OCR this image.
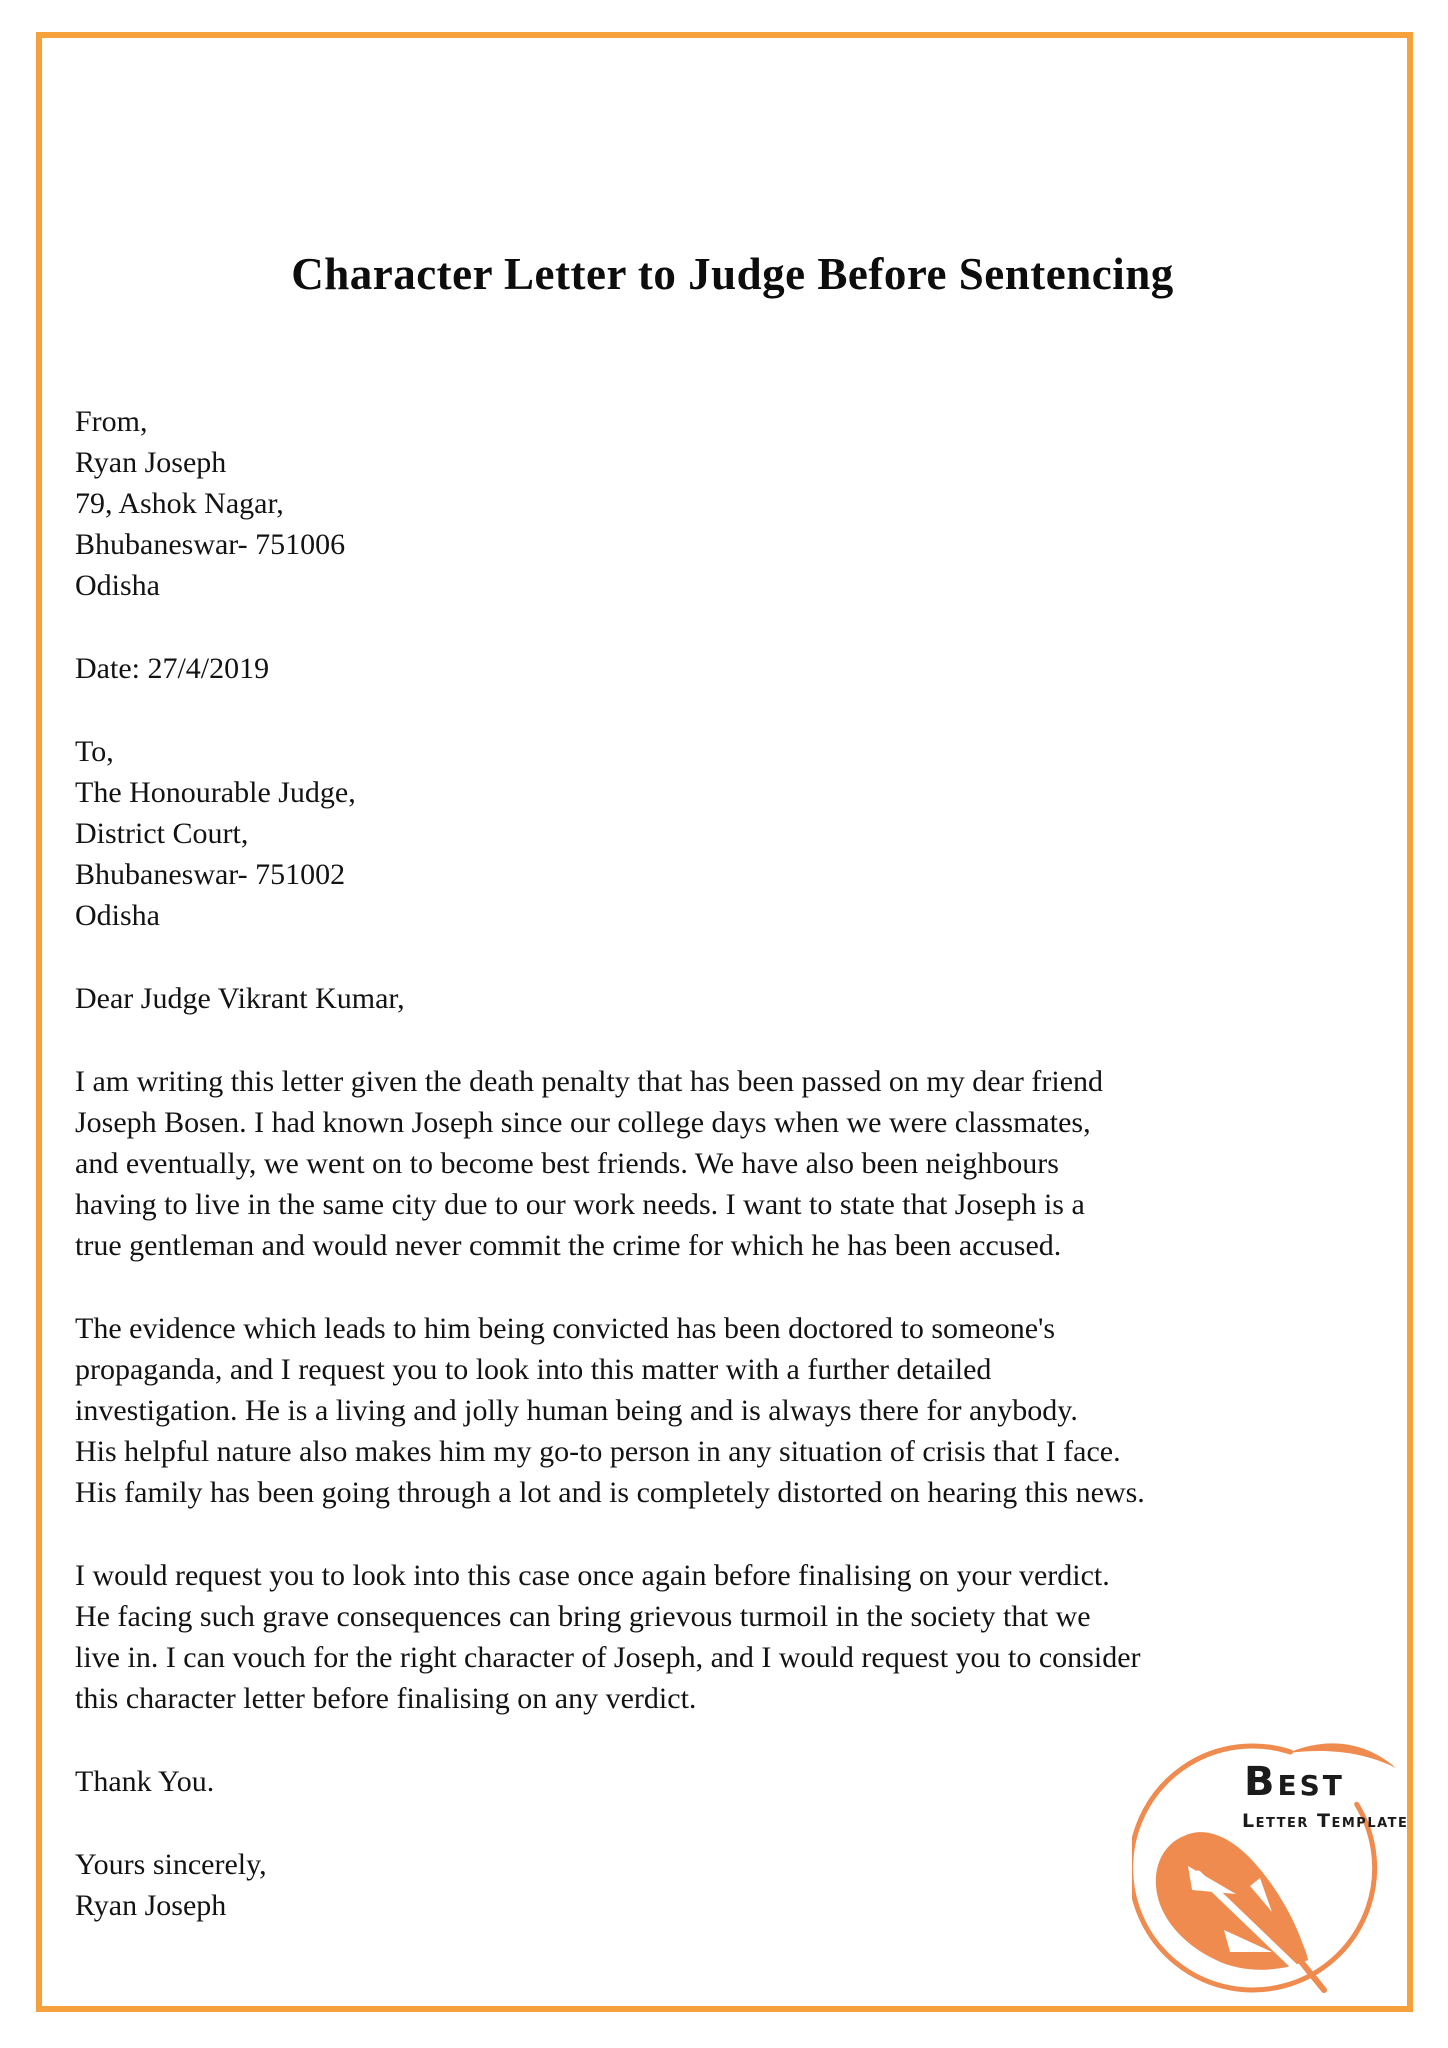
Character Letter to Judge Before Sentencing
From,
Ryan Joseph
79, Ashok Nagar,
Bhubaneswar- 751006
Odisha
Date: 27/4/2019
To,
The Honourable Judge,
District Court,
Bhubaneswar- 751002
Odisha
Dear Judge Vikrant Kumar,
I am writing this letter given the death penalty that has been passed on my dear friend
Joseph Bosen. I had known Joseph since our college days when we were classmates,
and eventually, we went on to become best friends. We have also been neighbours
having to live in the same city due to our work needs. I want to state that Joseph is a
true gentleman and would never commit the crime for which he has been accused.
The evidence which leads to him being convicted has been doctored to someone's
propaganda, and I request you to look into this matter with a further detailed
investigation. He is a living and jolly human being and is always there for anybody.
His helpful nature also makes him my go-to person in any situation of crisis that I face.
His family has been going through a lot and is completely distorted on hearing this news.
I would request you to look into this case once again before finalising on your verdict.
He facing such grave consequences can bring grievous turmoil in the society that we
live in. I can vouch for the right character of Joseph, and I would request you to consider
this character letter before finalising on any verdict.
Thank You.
Yours sincerely,
Ryan Joseph
Best
Letter Template
